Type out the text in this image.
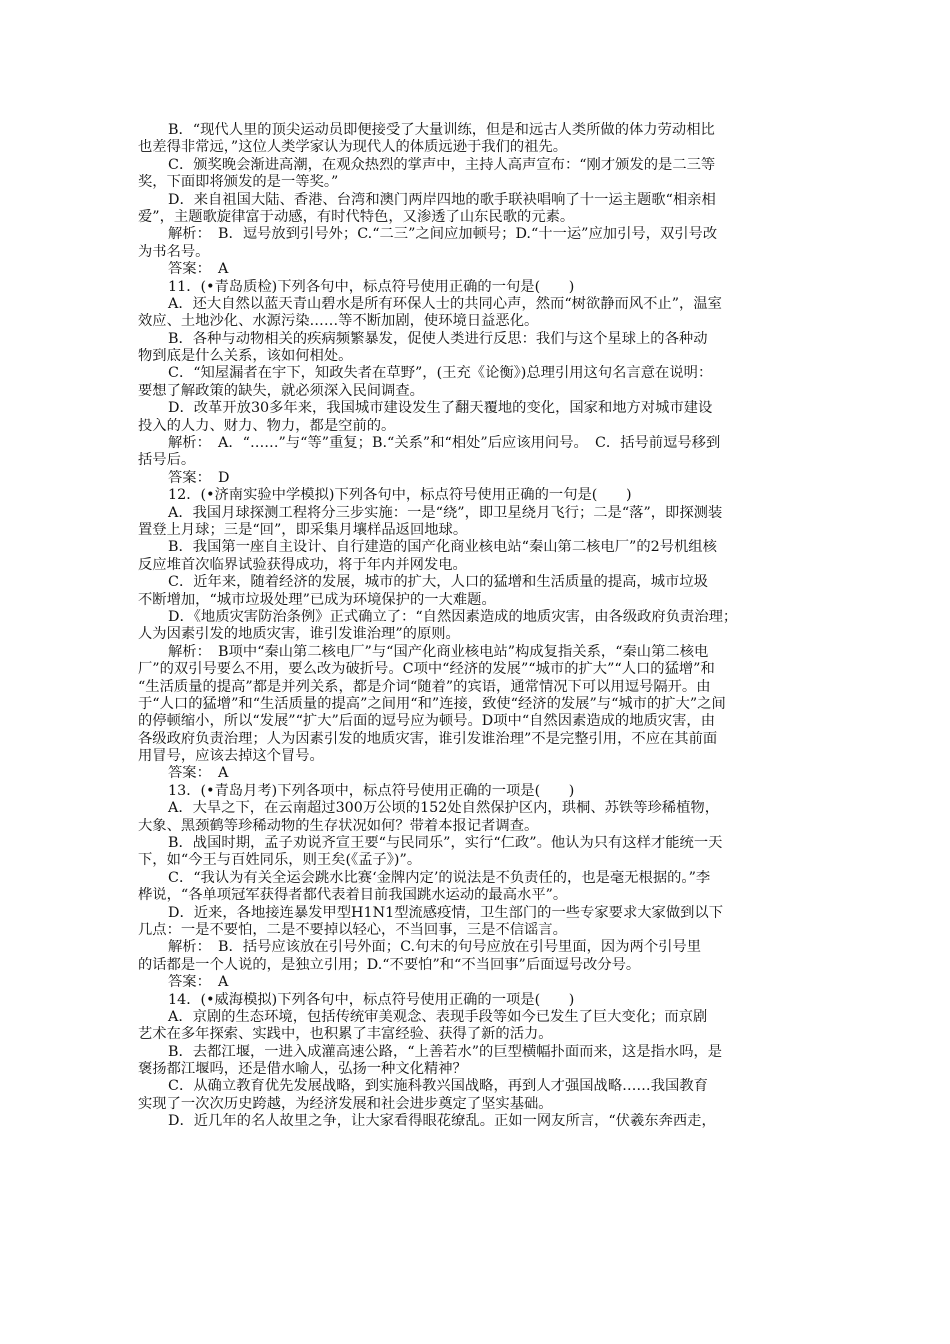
B．“现代人里的顶尖运动员即便接受了大量训练，但是和远古人类所做的体力劳动相比
也差得非常远，”这位人类学家认为现代人的体质远逊于我们的祖先。
C．颁奖晚会渐进高潮，在观众热烈的掌声中，主持人高声宣布：“刚才颁发的是二三等
奖，下面即将颁发的是一等奖。”
D．来自祖国大陆、香港、台湾和澳门两岸四地的歌手联袂唱响了十一运主题歌“相亲相
爱”，主题歌旋律富于动感，有时代特色，又渗透了山东民歌的元素。
解析：　B．逗号放到引号外；C.“二三”之间应加顿号；D.“十一运”应加引号，双引号改
为书名号。
答案：　A
11．(•青岛质检)下列各句中，标点符号使用正确的一句是(　　)
A．还大自然以蓝天青山碧水是所有环保人士的共同心声，然而“树欲静而风不止”，温室
效应、土地沙化、水源污染……等不断加剧，使环境日益恶化。
B．各种与动物相关的疾病频繁暴发，促使人类进行反思：我们与这个星球上的各种动
物到底是什么关系，该如何相处。
C．“知屋漏者在宇下，知政失者在草野”，(王充《论衡》)总理引用这句名言意在说明：
要想了解政策的缺失，就必须深入民间调查。
D．改革开放30多年来，我国城市建设发生了翻天覆地的变化，国家和地方对城市建设
投入的人力、财力、物力，都是空前的。
解析：　A．“……”与“等”重复；B.“关系”和“相处”后应该用问号。　C．括号前逗号移到
括号后。
答案：　D
12．(•济南实验中学模拟)下列各句中，标点符号使用正确的一句是(　　)
A．我国月球探测工程将分三步实施：一是“绕”，即卫星绕月飞行；二是“落”，即探测装
置登上月球；三是“回”，即采集月壤样品返回地球。
B．我国第一座自主设计、自行建造的国产化商业核电站“秦山第二核电厂”的2号机组核
反应堆首次临界试验获得成功，将于年内并网发电。
C．近年来，随着经济的发展，城市的扩大，人口的猛增和生活质量的提高，城市垃圾
不断增加，“城市垃圾处理”已成为环境保护的一大难题。
D．《地质灾害防治条例》正式确立了：“自然因素造成的地质灾害，由各级政府负责治理；
人为因素引发的地质灾害，谁引发谁治理”的原则。
解析：　B项中“秦山第二核电厂”与“国产化商业核电站”构成复指关系，“秦山第二核电
厂”的双引号要么不用，要么改为破折号。C项中“经济的发展”“城市的扩大”“人口的猛增”和
“生活质量的提高”都是并列关系，都是介词“随着”的宾语，通常情况下可以用逗号隔开。由
于“人口的猛增”和“生活质量的提高”之间用“和”连接，致使“经济的发展”与“城市的扩大”之间
的停顿缩小，所以“发展”“扩大”后面的逗号应为顿号。D项中“自然因素造成的地质灾害，由
各级政府负责治理；人为因素引发的地质灾害，谁引发谁治理”不是完整引用，不应在其前面
用冒号，应该去掉这个冒号。
答案：　A
13．(•青岛月考)下列各项中，标点符号使用正确的一项是(　　)
A．大旱之下，在云南超过300万公顷的152处自然保护区内，珙桐、苏铁等珍稀植物，
大象、黑颈鹤等珍稀动物的生存状况如何？带着本报记者调查。
B．战国时期，孟子劝说齐宣王要“与民同乐”，实行“仁政”。他认为只有这样才能统一天
下，如“今王与百姓同乐，则王矣(《孟子》)”。
C．“我认为有关全运会跳水比赛‘金牌内定’的说法是不负责任的，也是毫无根据的。”李
桦说，“各单项冠军获得者都代表着目前我国跳水运动的最高水平”。
D．近来，各地接连暴发甲型H1N1型流感疫情，卫生部门的一些专家要求大家做到以下
几点：一是不要怕，二是不要掉以轻心，不当回事，三是不信谣言。
解析：　B．括号应该放在引号外面；C.句末的句号应放在引号里面，因为两个引号里
的话都是一个人说的，是独立引用；D.“不要怕”和“不当回事”后面逗号改分号。
答案：　A
14．(•威海模拟)下列各句中，标点符号使用正确的一项是(　　)
A．京剧的生态环境，包括传统审美观念、表现手段等如今已发生了巨大变化；而京剧
艺术在多年探索、实践中，也积累了丰富经验、获得了新的活力。
B．去都江堰，一进入成灌高速公路，“上善若水”的巨型横幅扑面而来，这是指水吗，是
褒扬都江堰吗，还是借水喻人，弘扬一种文化精神？
C．从确立教育优先发展战略，到实施科教兴国战略，再到人才强国战略……我国教育
实现了一次次历史跨越，为经济发展和社会进步奠定了坚实基础。
D．近几年的名人故里之争，让大家看得眼花缭乱。正如一网友所言，“伏羲东奔西走，
